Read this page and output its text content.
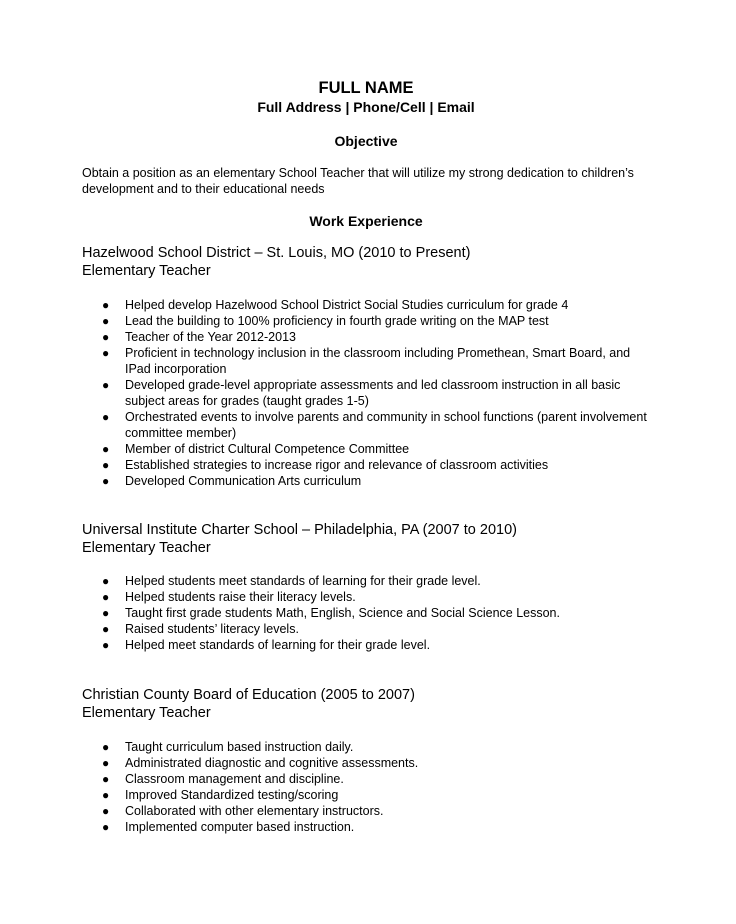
FULL NAME
Full Address | Phone/Cell | Email
Objective
Obtain a position as an elementary School Teacher that will utilize my strong dedication to children’s development and to their educational needs
Work Experience
Hazelwood School District – St. Louis, MO (2010 to Present)
Elementary Teacher
● Helped develop Hazelwood School District Social Studies curriculum for grade 4
● Lead the building to 100% proficiency in fourth grade writing on the MAP test
● Teacher of the Year 2012-2013
● Proficient in technology inclusion in the classroom including Promethean, Smart Board, and IPad incorporation
● Developed grade-level appropriate assessments and led classroom instruction in all basic subject areas for grades (taught grades 1-5)
● Orchestrated events to involve parents and community in school functions (parent involvement committee member)
● Member of district Cultural Competence Committee
● Established strategies to increase rigor and relevance of classroom activities
● Developed Communication Arts curriculum
Universal Institute Charter School – Philadelphia, PA (2007 to 2010)
Elementary Teacher
● Helped students meet standards of learning for their grade level.
● Helped students raise their literacy levels.
● Taught first grade students Math, English, Science and Social Science Lesson.
● Raised students’ literacy levels.
● Helped meet standards of learning for their grade level.
Christian County Board of Education (2005 to 2007)
Elementary Teacher
● Taught curriculum based instruction daily.
● Administrated diagnostic and cognitive assessments.
● Classroom management and discipline.
● Improved Standardized testing/scoring
● Collaborated with other elementary instructors.
● Implemented computer based instruction.
